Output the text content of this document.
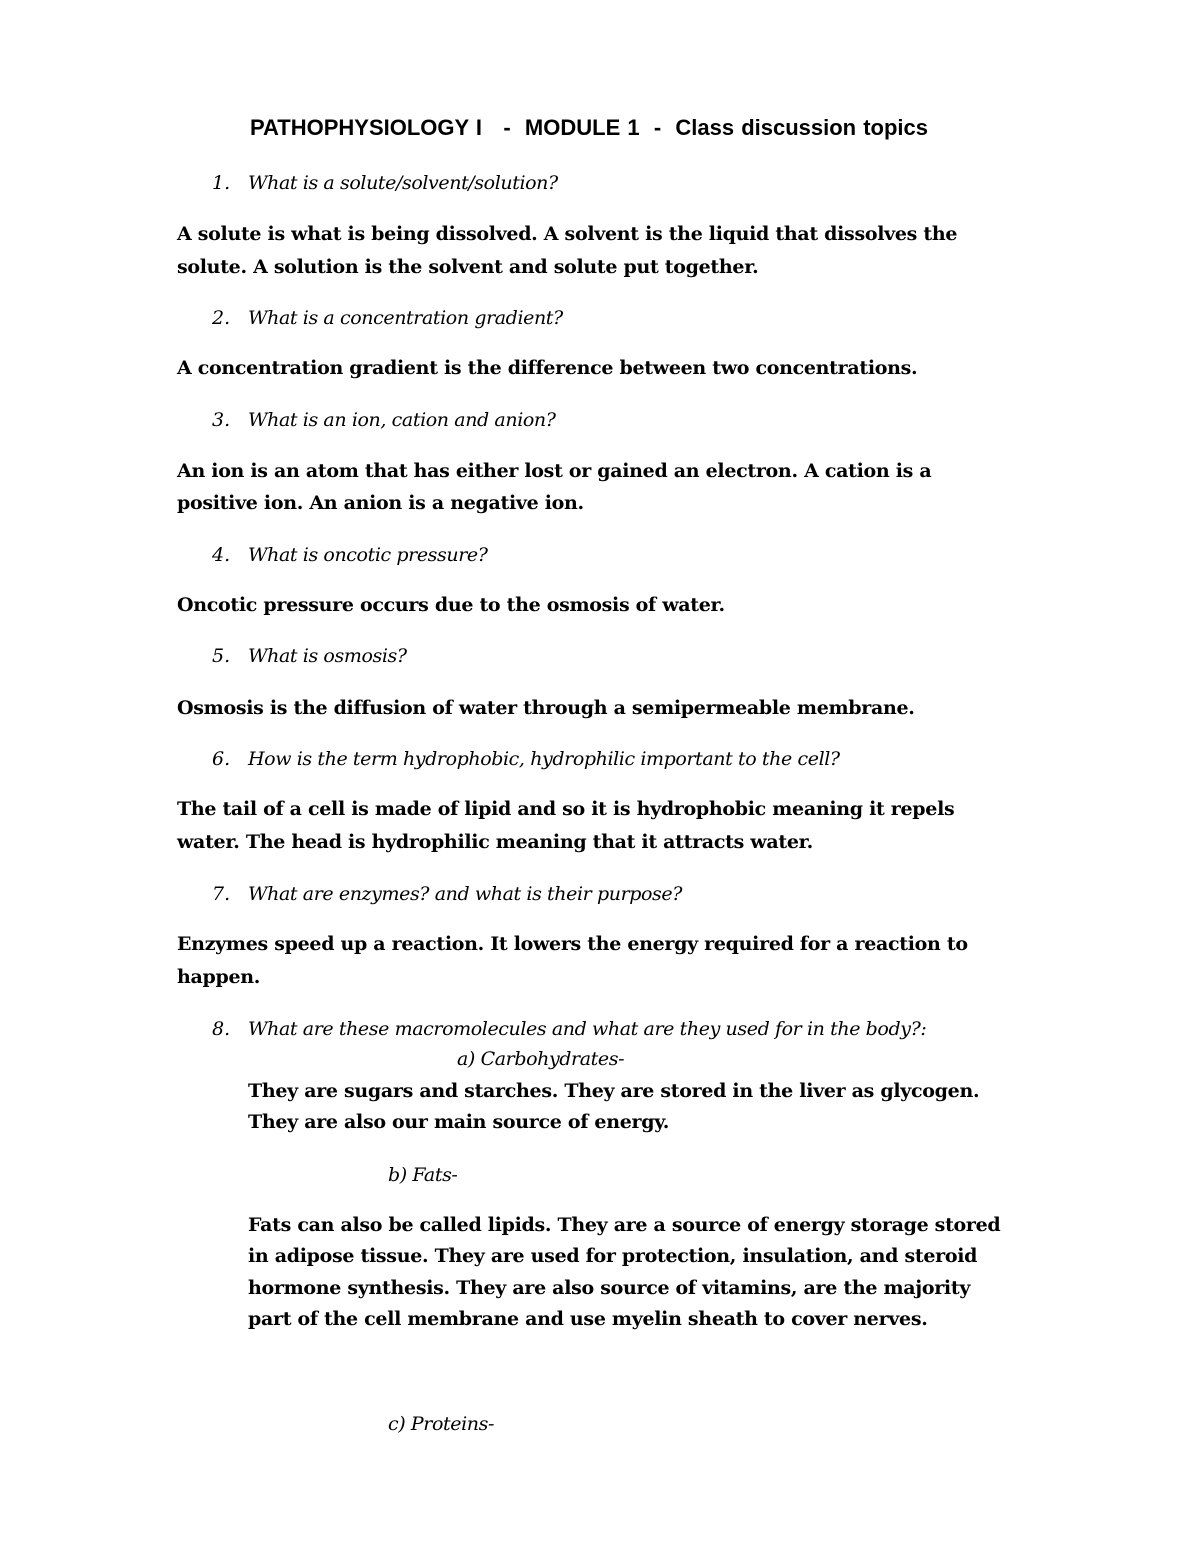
PATHOPHYSIOLOGY I   -  MODULE 1  -  Class discussion topics
1. What is a solute/solvent/solution?
A solute is what is being dissolved. A solvent is the liquid that dissolves the
solute. A solution is the solvent and solute put together.
2. What is a concentration gradient?
A concentration gradient is the difference between two concentrations.
3. What is an ion, cation and anion?
An ion is an atom that has either lost or gained an electron. A cation is a
positive ion. An anion is a negative ion.
4. What is oncotic pressure?
Oncotic pressure occurs due to the osmosis of water.
5. What is osmosis?
Osmosis is the diffusion of water through a semipermeable membrane.
6. How is the term hydrophobic, hydrophilic important to the cell?
The tail of a cell is made of lipid and so it is hydrophobic meaning it repels
water. The head is hydrophilic meaning that it attracts water.
7. What are enzymes? and what is their purpose?
Enzymes speed up a reaction. It lowers the energy required for a reaction to
happen.
8. What are these macromolecules and what are they used for in the body?:
a) Carbohydrates-
They are sugars and starches. They are stored in the liver as glycogen.
They are also our main source of energy.
b) Fats-
Fats can also be called lipids. They are a source of energy storage stored
in adipose tissue. They are used for protection, insulation, and steroid
hormone synthesis. They are also source of vitamins, are the majority
part of the cell membrane and use myelin sheath to cover nerves.
c) Proteins-
